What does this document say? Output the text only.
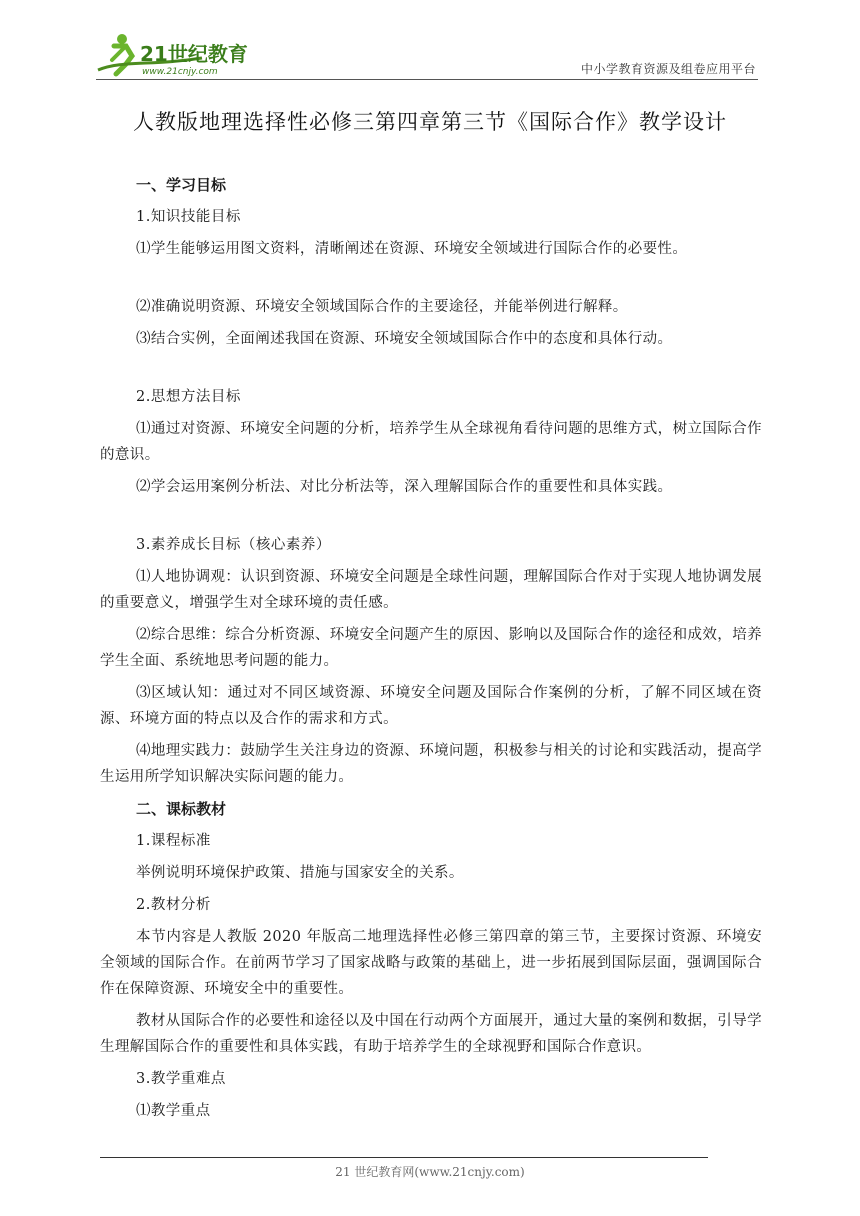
21世纪教育
www.21cnjy.com	中小学教育资源及组卷应用平台
人教版地理选择性必修三第四章第三节《国际合作》教学设计

一、学习目标

1.知识技能目标

⑴学生能够运用图文资料，清晰阐述在资源、环境安全领域进行国际合作的必要性。

⑵准确说明资源、环境安全领域国际合作的主要途径，并能举例进行解释。

⑶结合实例，全面阐述我国在资源、环境安全领域国际合作中的态度和具体行动。

2.思想方法目标

⑴通过对资源、环境安全问题的分析，培养学生从全球视角看待问题的思维方式，树立国际合作的意识。

⑵学会运用案例分析法、对比分析法等，深入理解国际合作的重要性和具体实践。

3.素养成长目标（核心素养）

⑴人地协调观：认识到资源、环境安全问题是全球性问题，理解国际合作对于实现人地协调发展的重要意义，增强学生对全球环境的责任感。

⑵综合思维：综合分析资源、环境安全问题产生的原因、影响以及国际合作的途径和成效，培养学生全面、系统地思考问题的能力。

⑶区域认知：通过对不同区域资源、环境安全问题及国际合作案例的分析，了解不同区域在资源、环境方面的特点以及合作的需求和方式。

⑷地理实践力：鼓励学生关注身边的资源、环境问题，积极参与相关的讨论和实践活动，提高学生运用所学知识解决实际问题的能力。

二、课标教材

1.课程标准

举例说明环境保护政策、措施与国家安全的关系。

2.教材分析

本节内容是人教版 2020 年版高二地理选择性必修三第四章的第三节，主要探讨资源、环境安全领域的国际合作。在前两节学习了国家战略与政策的基础上，进一步拓展到国际层面，强调国际合作在保障资源、环境安全中的重要性。

教材从国际合作的必要性和途径以及中国在行动两个方面展开，通过大量的案例和数据，引导学生理解国际合作的重要性和具体实践，有助于培养学生的全球视野和国际合作意识。

3.教学重难点

⑴教学重点

21 世纪教育网(www.21cnjy.com)
